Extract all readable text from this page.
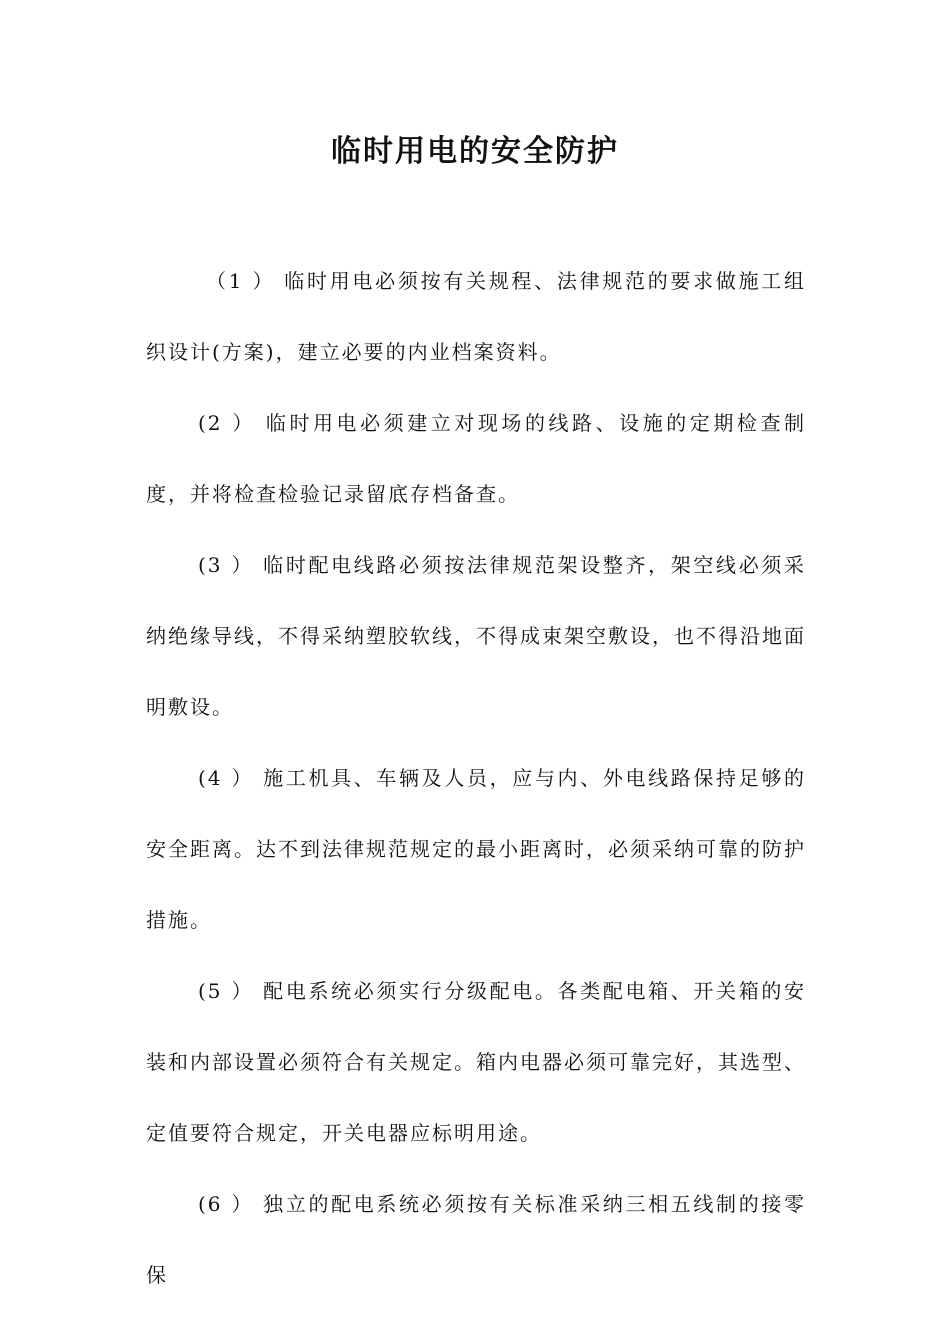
临时用电的安全防护

（1 ） 临时用电必须按有关规程、法律规范的要求做施工组织设计(方案)，建立必要的内业档案资料。

(2 ） 临时用电必须建立对现场的线路、设施的定期检查制度，并将检查检验记录留底存档备查。

(3 ） 临时配电线路必须按法律规范架设整齐，架空线必须采纳绝缘导线，不得采纳塑胶软线，不得成束架空敷设，也不得沿地面明敷设。

(4 ） 施工机具、车辆及人员，应与内、外电线路保持足够的安全距离。达不到法律规范规定的最小距离时，必须采纳可靠的防护措施。

(5 ） 配电系统必须实行分级配电。各类配电箱、开关箱的安装和内部设置必须符合有关规定。箱内电器必须可靠完好，其选型、定值要符合规定，开关电器应标明用途。

(6 ） 独立的配电系统必须按有关标准采纳三相五线制的接零保
